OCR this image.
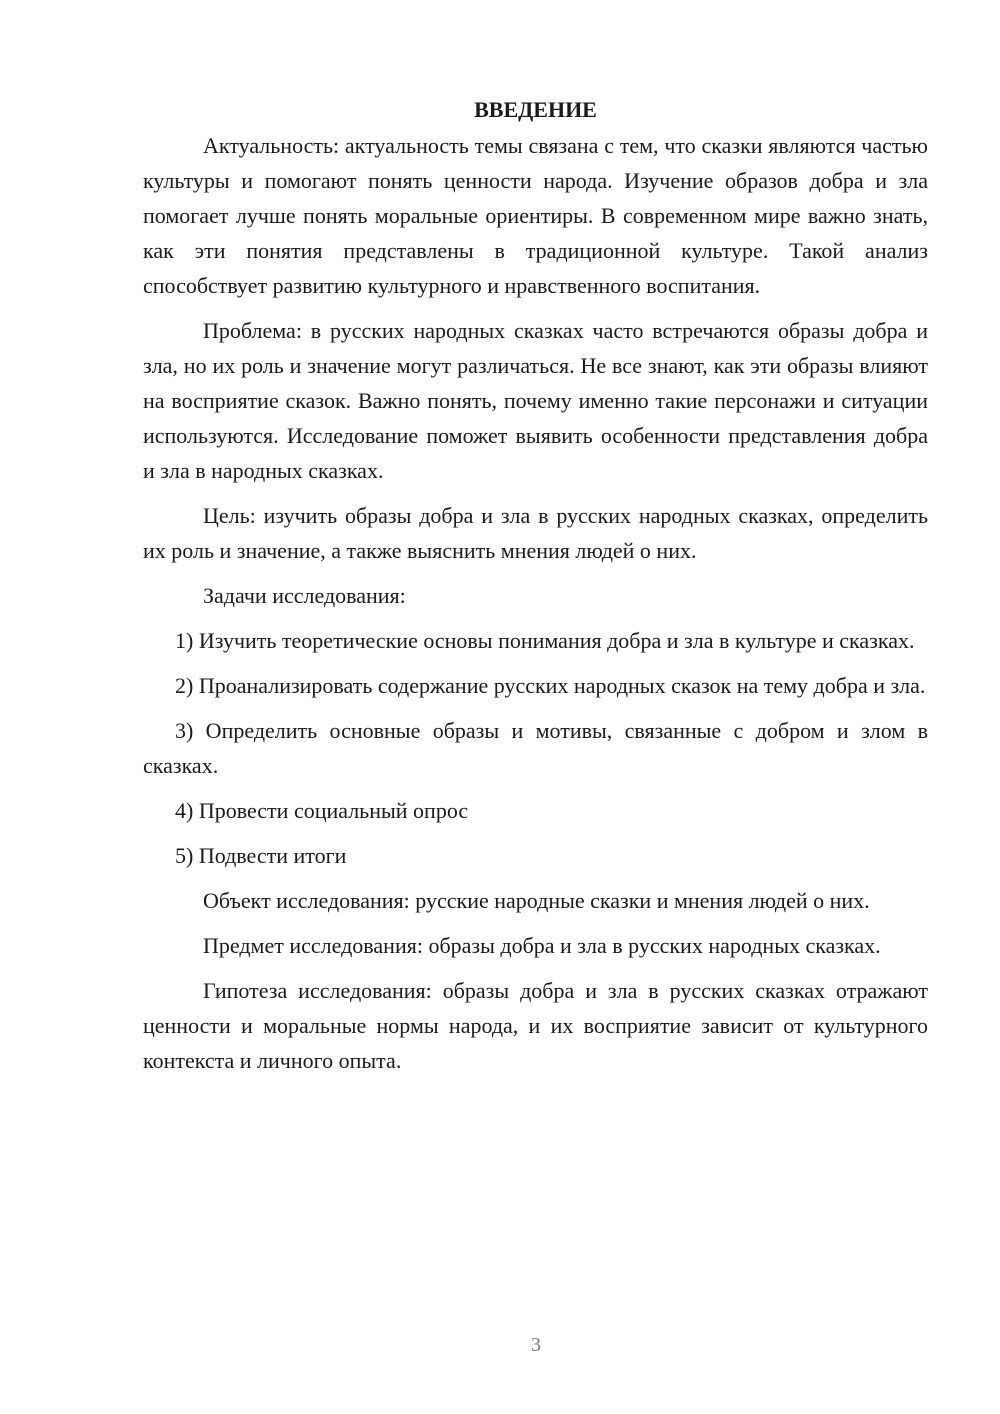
ВВЕДЕНИЕ

Актуальность: актуальность темы связана с тем, что сказки являются частью культуры и помогают понять ценности народа. Изучение образов добра и зла помогает лучше понять моральные ориентиры. В современном мире важно знать, как эти понятия представлены в традиционной культуре. Такой анализ способствует развитию культурного и нравственного воспитания.

Проблема: в русских народных сказках часто встречаются образы добра и зла, но их роль и значение могут различаться. Не все знают, как эти образы влияют на восприятие сказок. Важно понять, почему именно такие персонажи и ситуации используются. Исследование поможет выявить особенности представления добра и зла в народных сказках.

Цель: изучить образы добра и зла в русских народных сказках, определить их роль и значение, а также выяснить мнения людей о них.

Задачи исследования:

1) Изучить теоретические основы понимания добра и зла в культуре и сказках.

2) Проанализировать содержание русских народных сказок на тему добра и зла.

3) Определить основные образы и мотивы, связанные с добром и злом в сказках.

4) Провести социальный опрос

5) Подвести итоги

Объект исследования: русские народные сказки и мнения людей о них.

Предмет исследования: образы добра и зла в русских народных сказках.

Гипотеза исследования: образы добра и зла в русских сказках отражают ценности и моральные нормы народа, и их восприятие зависит от культурного контекста и личного опыта.

3
